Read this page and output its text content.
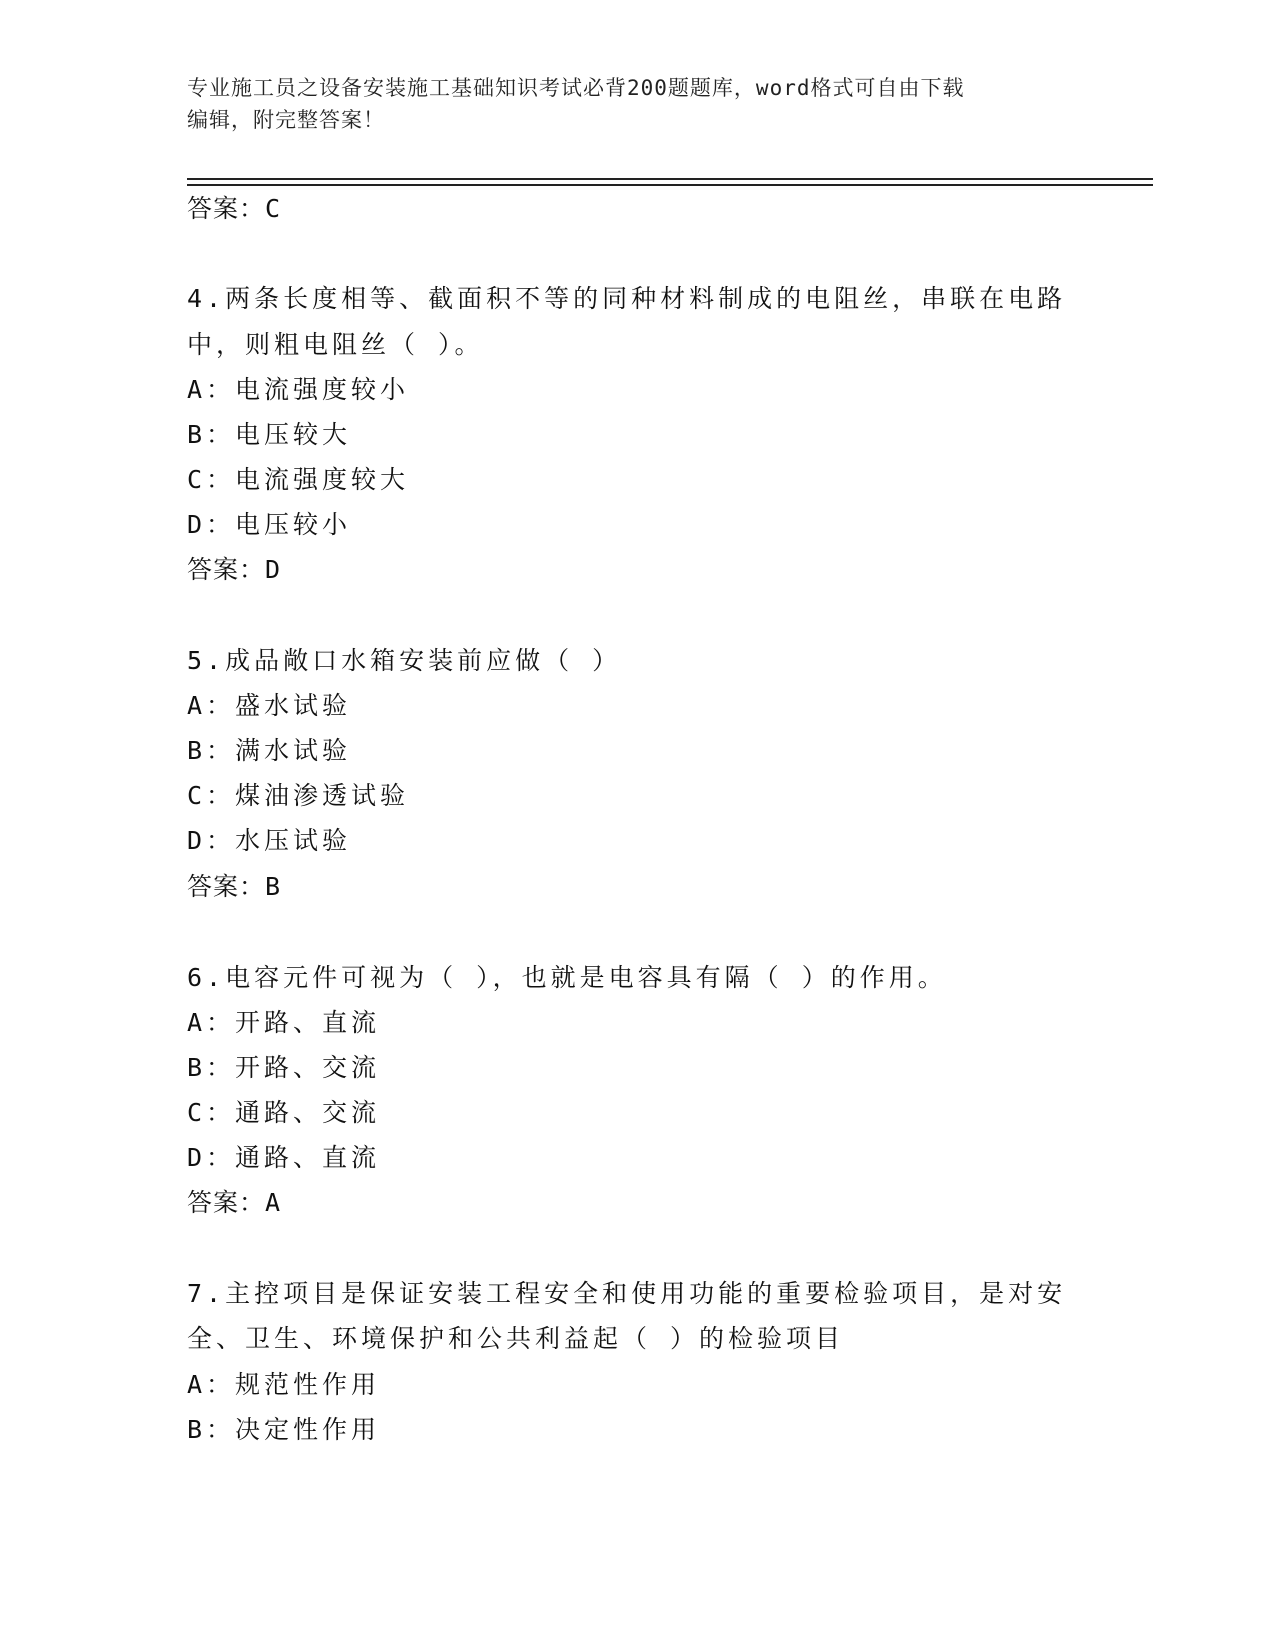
专业施工员之设备安装施工基础知识考试必背200题题库，word格式可自由下载
编辑，附完整答案！
答案：C
4.两条长度相等、截面积不等的同种材料制成的电阻丝，串联在电路
中，则粗电阻丝（ ）。
A：电流强度较小
B：电压较大
C：电流强度较大
D：电压较小
答案：D
5.成品敞口水箱安装前应做（ ）
A：盛水试验
B：满水试验
C：煤油渗透试验
D：水压试验
答案：B
6.电容元件可视为（ ），也就是电容具有隔（ ）的作用。
A：开路、直流
B：开路、交流
C：通路、交流
D：通路、直流
答案：A
7.主控项目是保证安装工程安全和使用功能的重要检验项目，是对安
全、卫生、环境保护和公共利益起（ ）的检验项目
A：规范性作用
B：决定性作用
